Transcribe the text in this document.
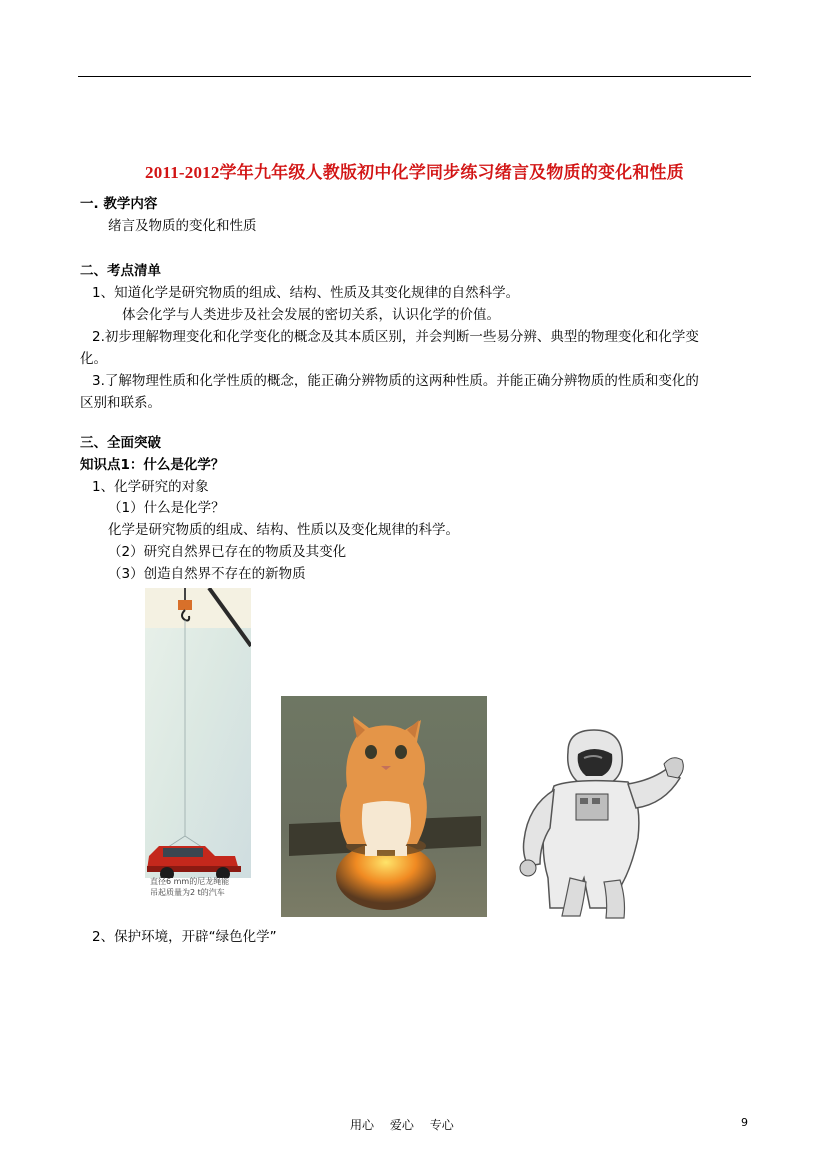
2011-2012学年九年级人教版初中化学同步练习绪言及物质的变化和性质
一. 教学内容
绪言及物质的变化和性质
二、考点清单
1、知道化学是研究物质的组成、结构、性质及其变化规律的自然科学。
体会化学与人类进步及社会发展的密切关系，认识化学的价值。
2.初步理解物理变化和化学变化的概念及其本质区别，并会判断一些易分辨、典型的物理变化和化学变
化。
3.了解物理性质和化学性质的概念，能正确分辨物质的这两种性质。并能正确分辨物质的性质和变化的
区别和联系。
三、全面突破
知识点1：什么是化学？
1、化学研究的对象
（1）什么是化学？
化学是研究物质的组成、结构、性质以及变化规律的科学。
（2）研究自然界已存在的物质及其变化
（3）创造自然界不存在的新物质
直径6 mm的尼龙绳能
吊起质量为2 t的汽车
2、保护环境，开辟“绿色化学”
用心 爱心 专心	9
